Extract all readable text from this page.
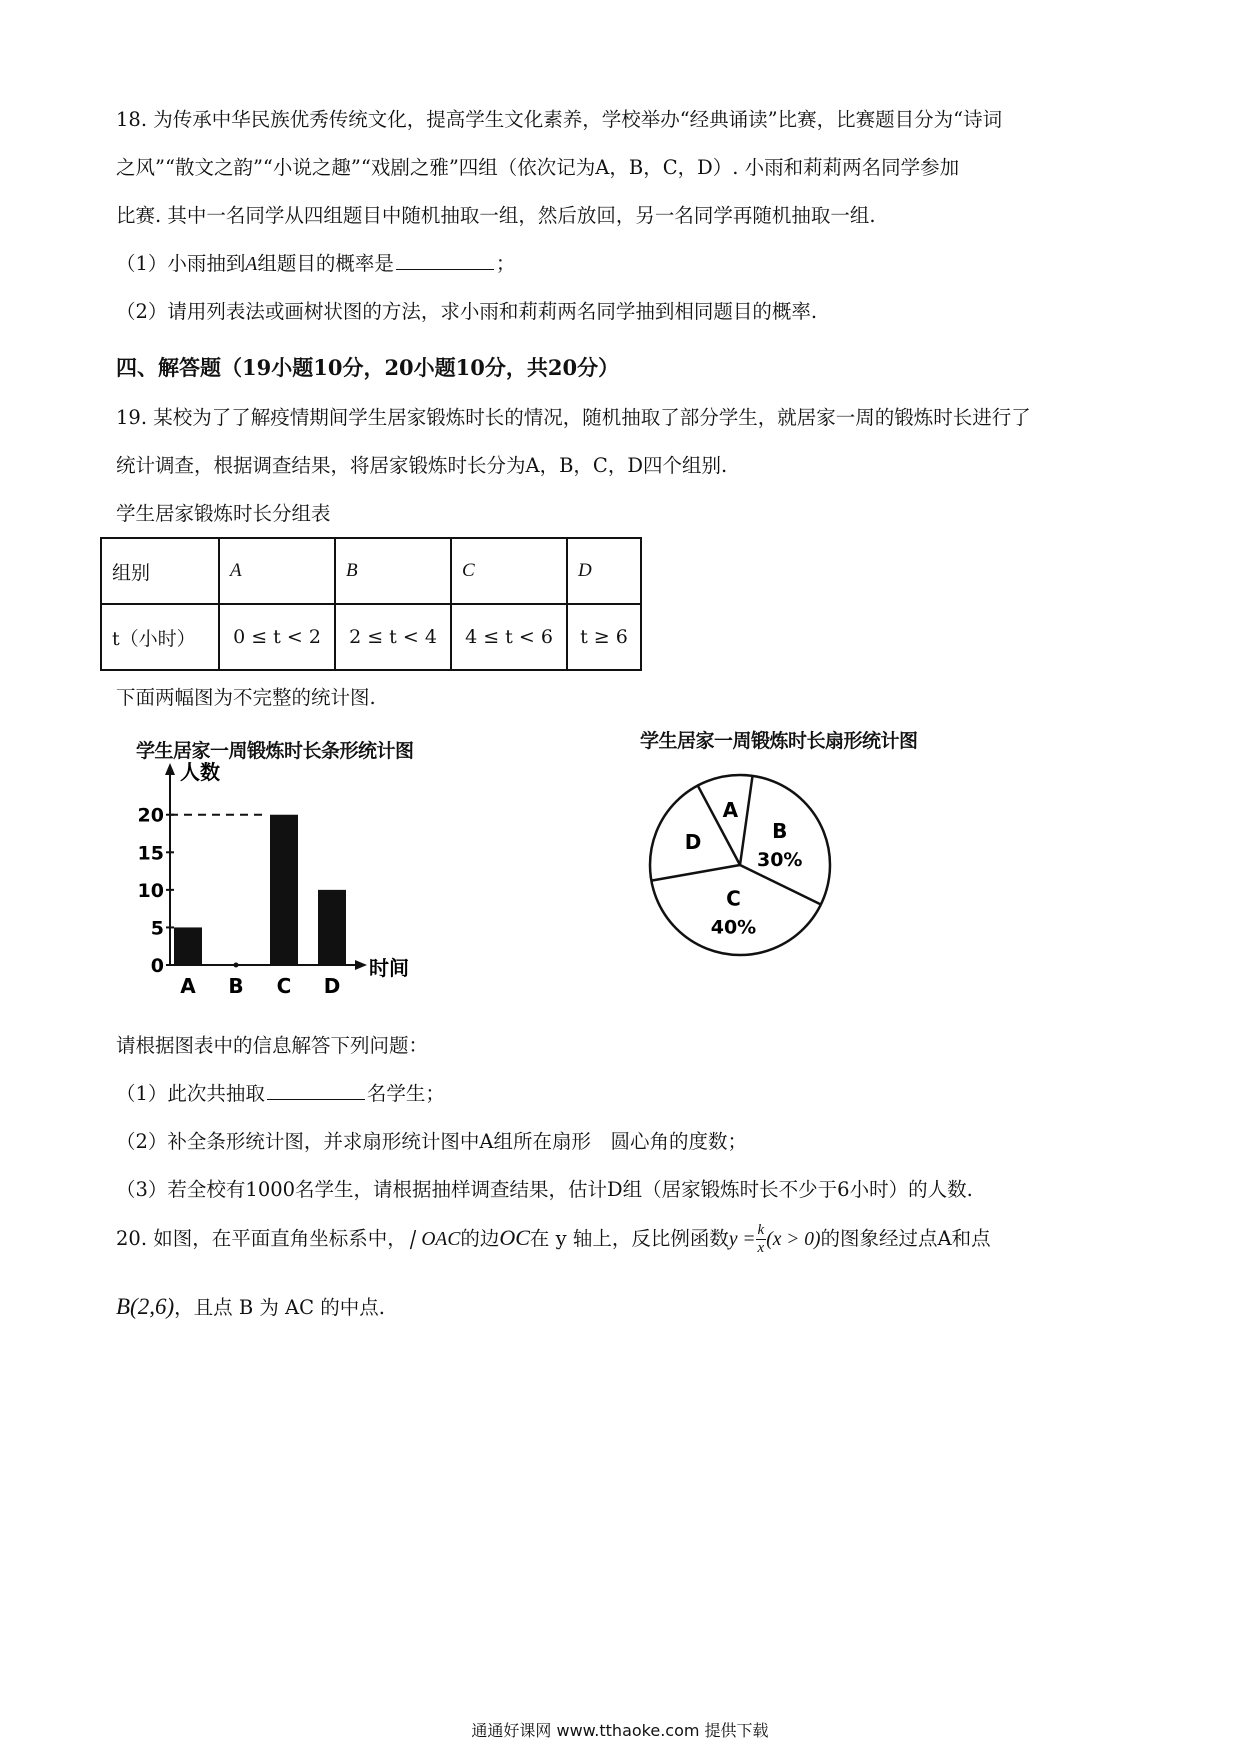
18. 为传承中华民族优秀传统文化，提高学生文化素养，学校举办“经典诵读”比赛，比赛题目分为“诗词
之风”“散文之韵”“小说之趣”“戏剧之雅”四组（依次记为A，B，C，D）. 小雨和莉莉两名同学参加
比赛. 其中一名同学从四组题目中随机抽取一组，然后放回，另一名同学再随机抽取一组.
（1）小雨抽到A组题目的概率是	；
（2）请用列表法或画树状图的方法，求小雨和莉莉两名同学抽到相同题目的概率.
四、解答题（19小题10分，20小题10分，共20分）
19. 某校为了了解疫情期间学生居家锻炼时长的情况，随机抽取了部分学生，就居家一周的锻炼时长进行了
统计调查，根据调查结果，将居家锻炼时长分为A，B，C，D四个组别.
学生居家锻炼时长分组表
组别	A	B	C	D
t（小时）	0 ≤ t < 2	2 ≤ t < 4	4 ≤ t < 6	t ≥ 6
下面两幅图为不完整的统计图.
学生居家一周锻炼时长条形统计图
人数
时间
0
5
10
15
20
A B C D
学生居家一周锻炼时长扇形统计图
A
B
30%
C
40%
D
请根据图表中的信息解答下列问题：
（1）此次共抽取	名学生；
（2）补全条形统计图，并求扇形统计图中A组所在扇形　圆心角的度数；
（3）若全校有1000名学生，请根据抽样调查结果，估计D组（居家锻炼时长不少于6小时）的人数.
20. 如图，在平面直角坐标系中，∣ OAC的边OC在 y 轴上，反比例函数$y = \frac{k}{x} (x > 0)$的图象经过点A和点
B(2,6)，且点 B 为 AC 的中点.
通通好课网 www.tthaoke.com 提供下载
